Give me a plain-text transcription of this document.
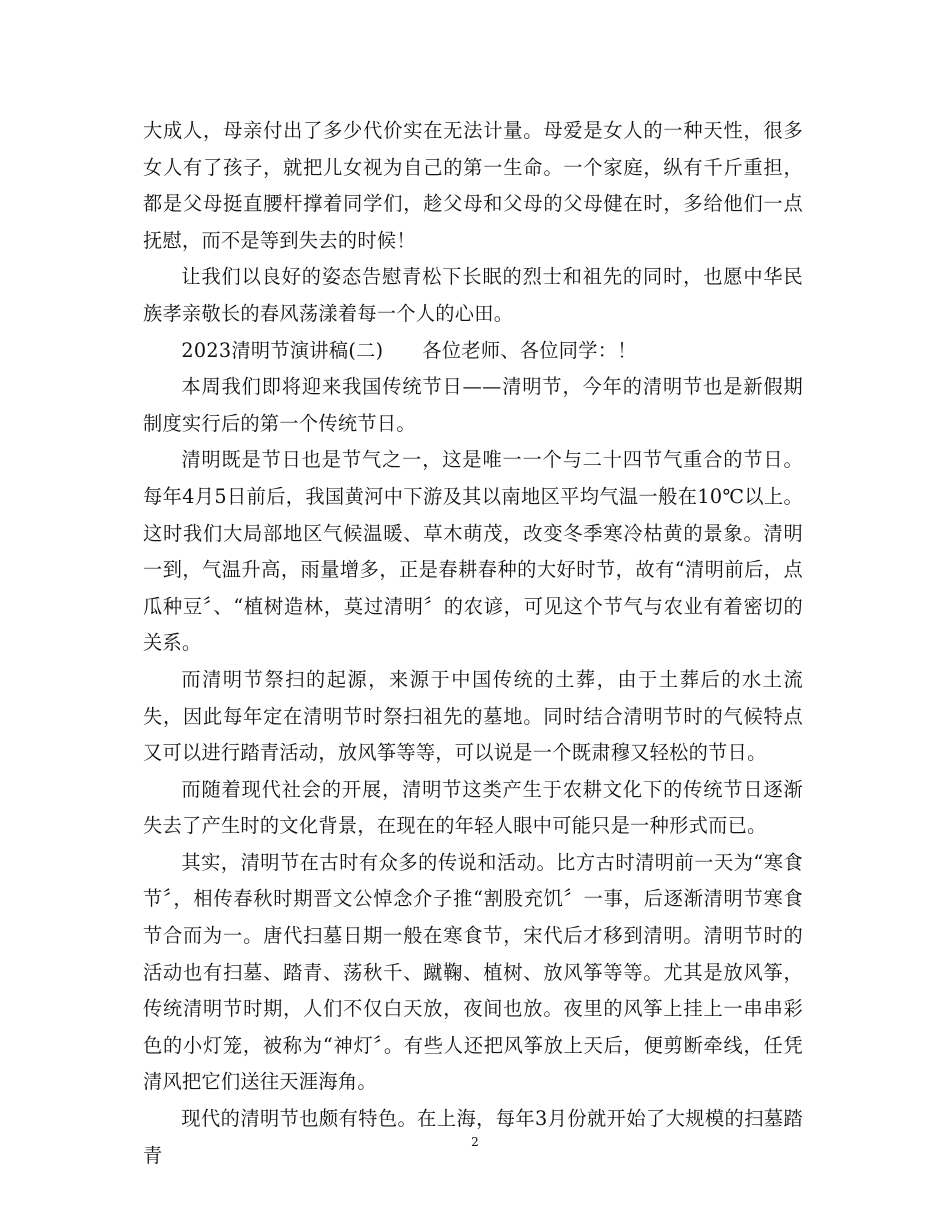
大成人，母亲付出了多少代价实在无法计量。母爱是女人的一种天性，很多女人有了孩子，就把儿女视为自己的第一生命。一个家庭，纵有千斤重担，都是父母挺直腰杆撑着同学们，趁父母和父母的父母健在时，多给他们一点抚慰，而不是等到失去的时候！

让我们以良好的姿态告慰青松下长眠的烈士和祖先的同时，也愿中华民族孝亲敬长的春风荡漾着每一个人的心田。

2023清明节演讲稿(二)　　各位老师、各位同学：！

本周我们即将迎来我国传统节日——清明节，今年的清明节也是新假期制度实行后的第一个传统节日。

清明既是节日也是节气之一，这是唯一一个与二十四节气重合的节日。每年4月5日前后，我国黄河中下游及其以南地区平均气温一般在10℃以上。这时我们大局部地区气候温暖、草木萌茂，改变冬季寒冷枯黄的景象。清明一到，气温升高，雨量增多，正是春耕春种的大好时节，故有“清明前后，点瓜种豆〞、“植树造林，莫过清明〞的农谚，可见这个节气与农业有着密切的关系。

而清明节祭扫的起源，来源于中国传统的土葬，由于土葬后的水土流失，因此每年定在清明节时祭扫祖先的墓地。同时结合清明节时的气候特点又可以进行踏青活动，放风筝等等，可以说是一个既肃穆又轻松的节日。

而随着现代社会的开展，清明节这类产生于农耕文化下的传统节日逐渐失去了产生时的文化背景，在现在的年轻人眼中可能只是一种形式而已。

其实，清明节在古时有众多的传说和活动。比方古时清明前一天为“寒食节〞，相传春秋时期晋文公悼念介子推“割股充饥〞一事，后逐渐清明节寒食节合而为一。唐代扫墓日期一般在寒食节，宋代后才移到清明。清明节时的活动也有扫墓、踏青、荡秋千、蹴鞠、植树、放风筝等等。尤其是放风筝，传统清明节时期，人们不仅白天放，夜间也放。夜里的风筝上挂上一串串彩色的小灯笼，被称为“神灯〞。有些人还把风筝放上天后，便剪断牵线，任凭清风把它们送往天涯海角。

现代的清明节也颇有特色。在上海，每年3月份就开始了大规模的扫墓踏青

2
